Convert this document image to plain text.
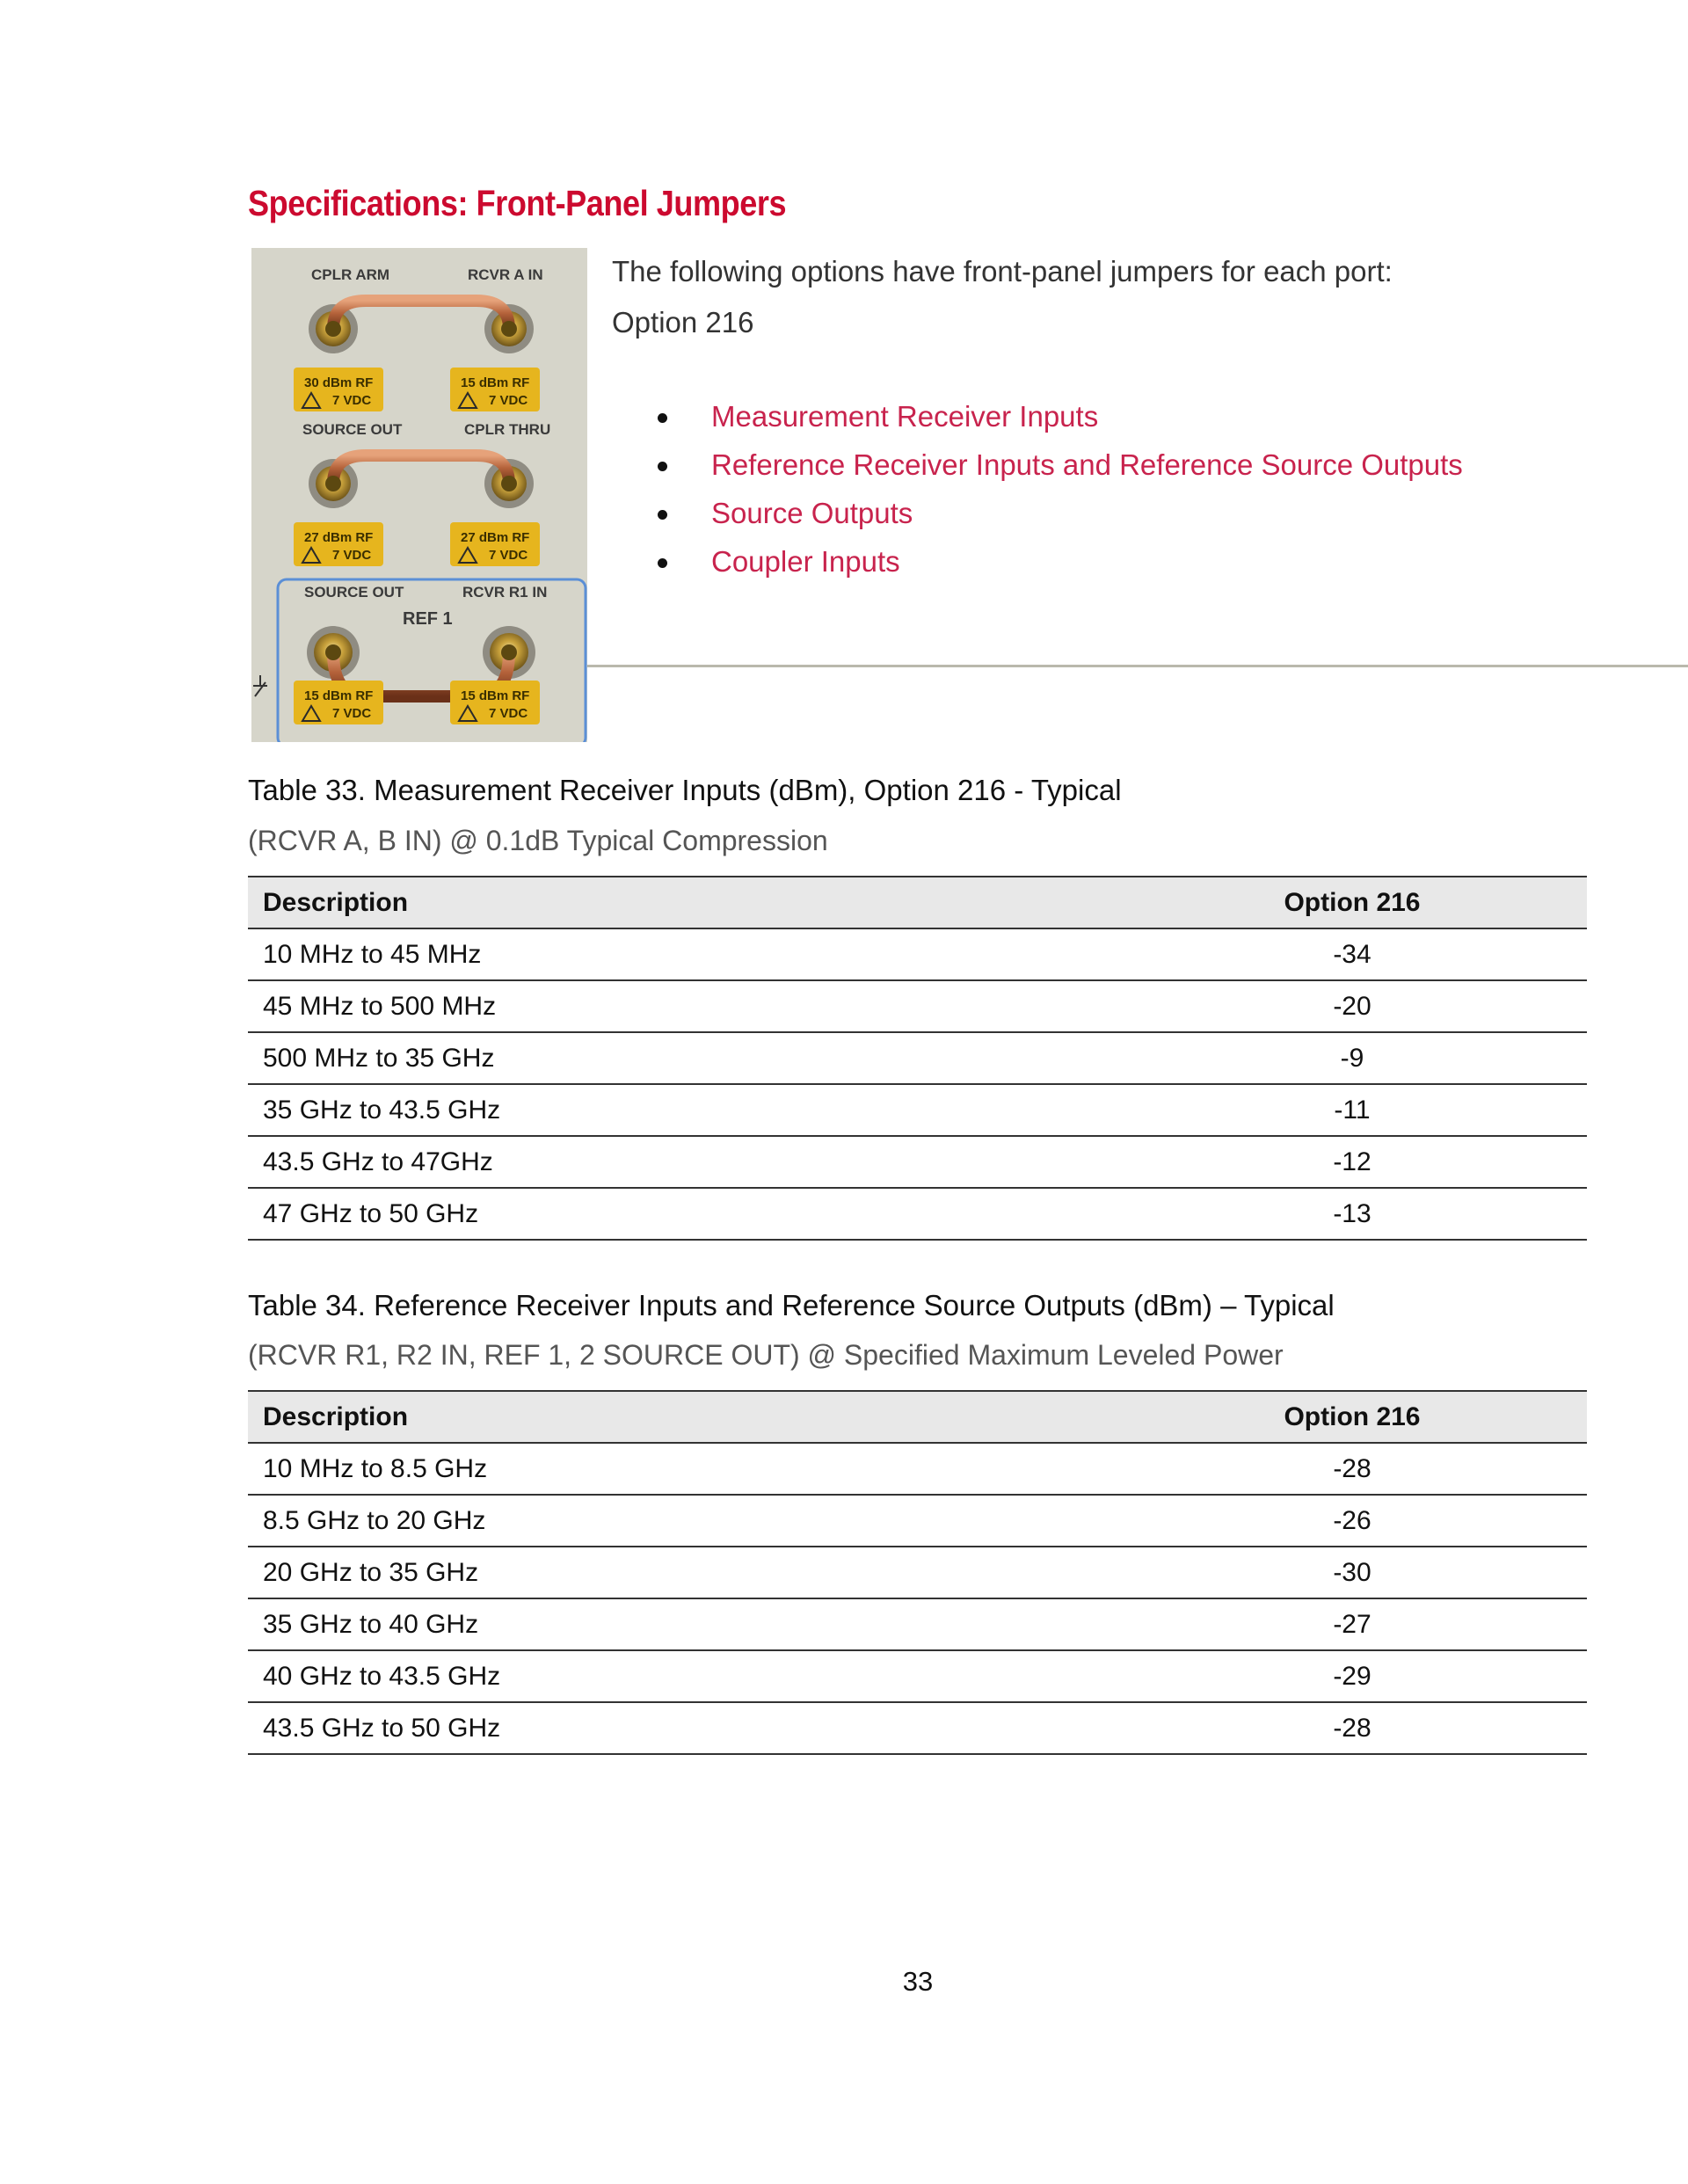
Specifications: Front-Panel Jumpers
CPLR ARM	RCVR A IN
SOURCE OUT	CPLR THRU
SOURCE OUT	RCVR R1 IN
REF 1
30 dBm RF
7 VDC
15 dBm RF
7 VDC
27 dBm RF
7 VDC
27 dBm RF
7 VDC
15 dBm RF
7 VDC
15 dBm RF
7 VDC

The following options have front-panel jumpers for each port:

Option 216

Measurement Receiver Inputs
Reference Receiver Inputs and Reference Source Outputs
Source Outputs
Coupler Inputs

Table 33. Measurement Receiver Inputs (dBm), Option 216 - Typical

(RCVR A, B IN) @ 0.1dB Typical Compression

Description	Option 216
10 MHz to 45 MHz	-34
45 MHz to 500 MHz	-20
500 MHz to 35 GHz	-9
35 GHz to 43.5 GHz	-11
43.5 GHz to 47GHz	-12
47 GHz to 50 GHz	-13

Table 34. Reference Receiver Inputs and Reference Source Outputs (dBm) – Typical

(RCVR R1, R2 IN, REF 1, 2 SOURCE OUT) @ Specified Maximum Leveled Power

Description	Option 216
10 MHz to 8.5 GHz	-28
8.5 GHz to 20 GHz	-26
20 GHz to 35 GHz	-30
35 GHz to 40 GHz	-27
40 GHz to 43.5 GHz	-29
43.5 GHz to 50 GHz	-28
33
